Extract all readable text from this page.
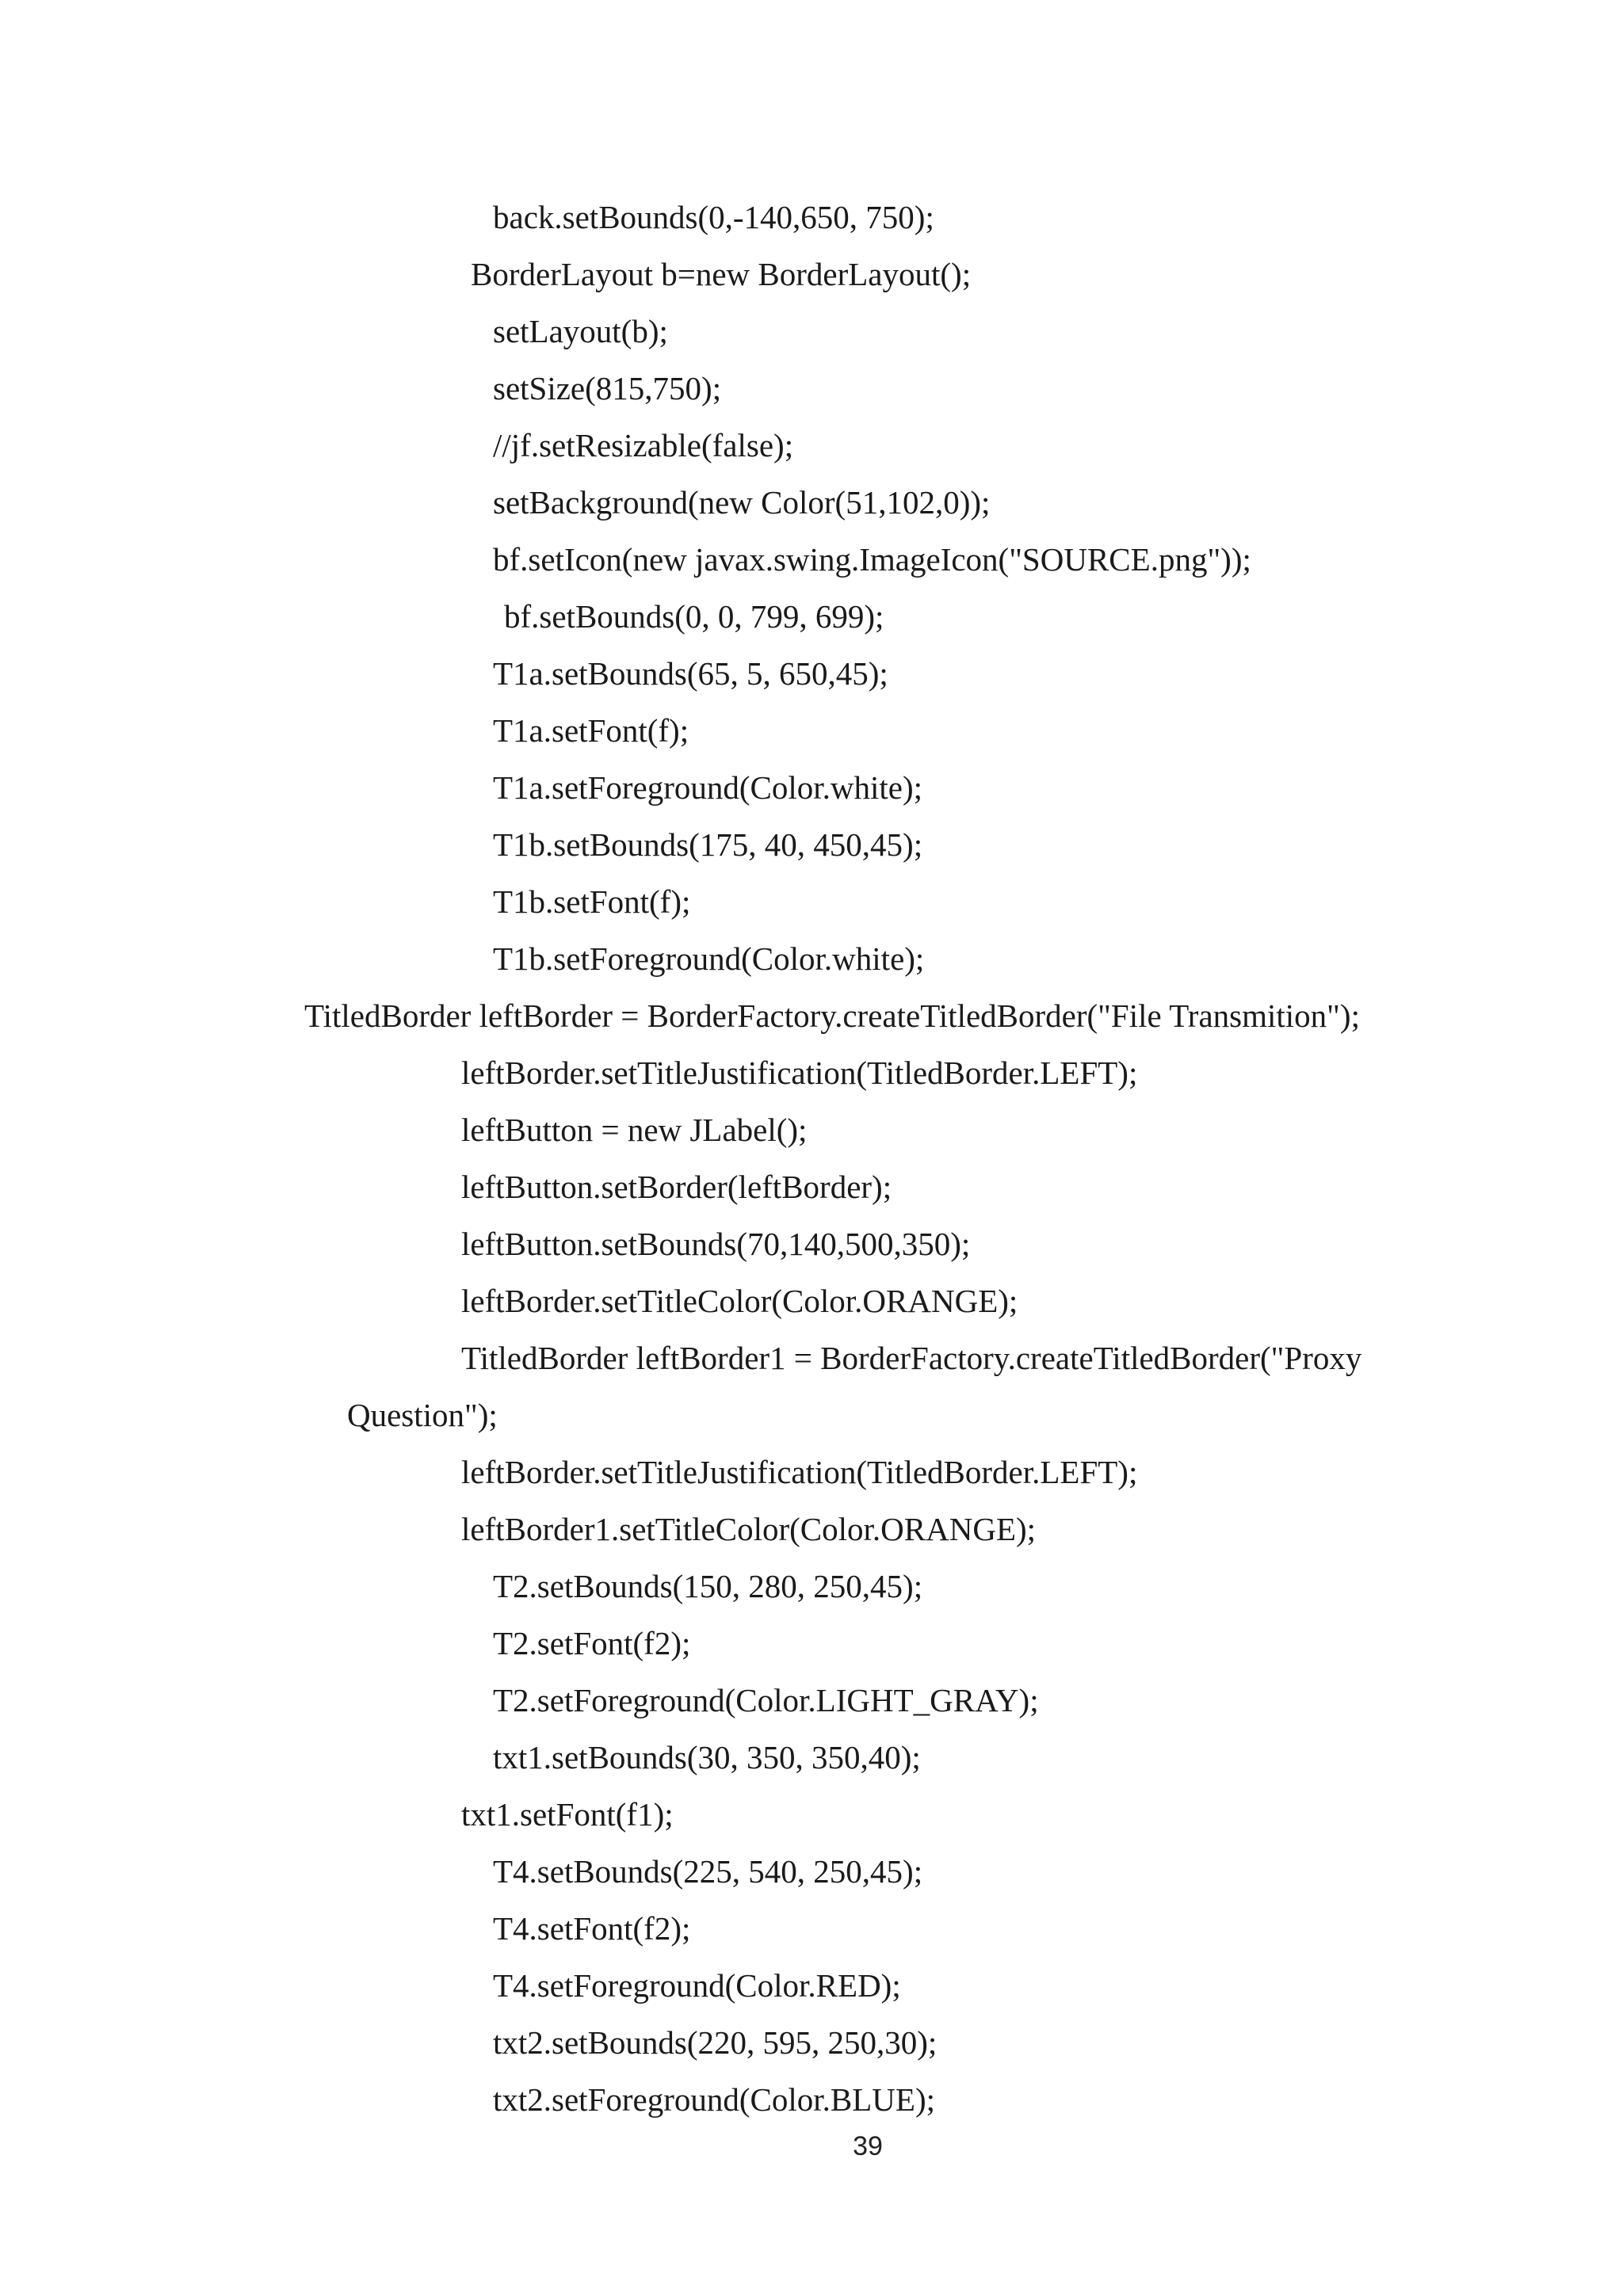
back.setBounds(0,-140,650, 750);
BorderLayout b=new BorderLayout();
setLayout(b);
setSize(815,750);
//jf.setResizable(false);
setBackground(new Color(51,102,0));
bf.setIcon(new javax.swing.ImageIcon("SOURCE.png"));
bf.setBounds(0, 0, 799, 699);
T1a.setBounds(65, 5, 650,45);
T1a.setFont(f);
T1a.setForeground(Color.white);
T1b.setBounds(175, 40, 450,45);
T1b.setFont(f);
T1b.setForeground(Color.white);
TitledBorder leftBorder = BorderFactory.createTitledBorder("File Transmition");
leftBorder.setTitleJustification(TitledBorder.LEFT);
leftButton = new JLabel();
leftButton.setBorder(leftBorder);
leftButton.setBounds(70,140,500,350);
leftBorder.setTitleColor(Color.ORANGE);
TitledBorder leftBorder1 = BorderFactory.createTitledBorder("Proxy
Question");
leftBorder.setTitleJustification(TitledBorder.LEFT);
leftBorder1.setTitleColor(Color.ORANGE);
T2.setBounds(150, 280, 250,45);
T2.setFont(f2);
T2.setForeground(Color.LIGHT_GRAY);
txt1.setBounds(30, 350, 350,40);
txt1.setFont(f1);
T4.setBounds(225, 540, 250,45);
T4.setFont(f2);
T4.setForeground(Color.RED);
txt2.setBounds(220, 595, 250,30);
txt2.setForeground(Color.BLUE);
39
